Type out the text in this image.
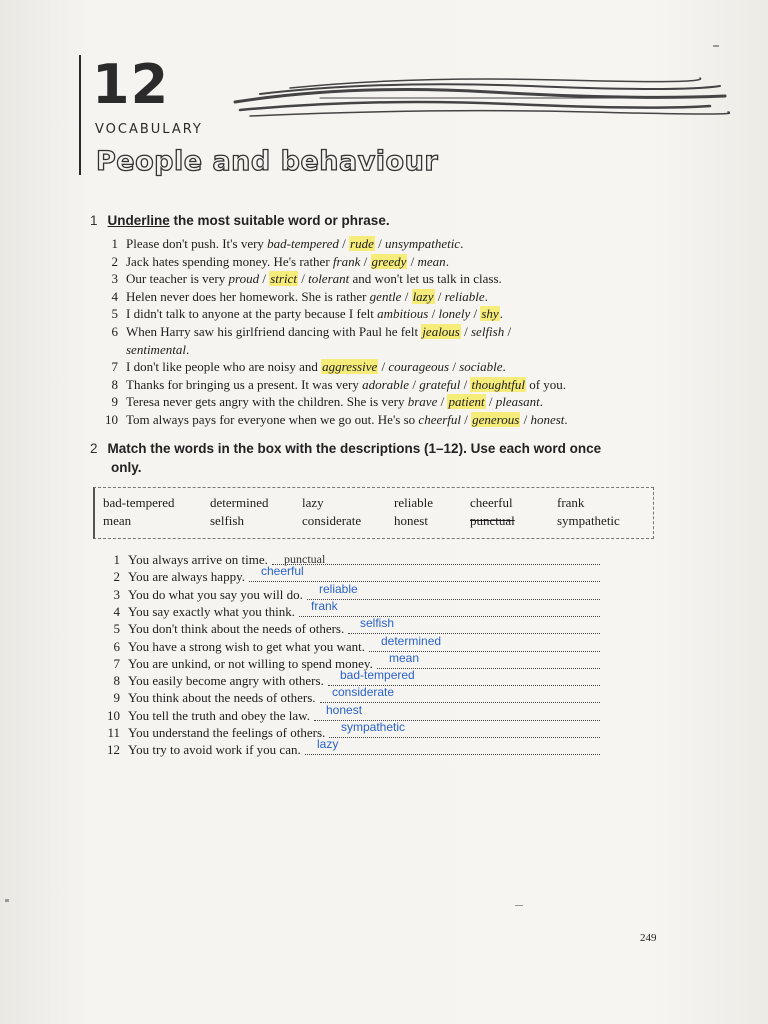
12
VOCABULARY
People and behaviour
1 Underline the most suitable word or phrase.
1 Please don't push. It's very bad-tempered / rude / unsympathetic.
2 Jack hates spending money. He's rather frank / greedy / mean.
3 Our teacher is very proud / strict / tolerant and won't let us talk in class.
4 Helen never does her homework. She is rather gentle / lazy / reliable.
5 I didn't talk to anyone at the party because I felt ambitious / lonely / shy.
6 When Harry saw his girlfriend dancing with Paul he felt jealous / selfish /
sentimental.
7 I don't like people who are noisy and aggressive / courageous / sociable.
8 Thanks for bringing us a present. It was very adorable / grateful / thoughtful of you.
9 Teresa never gets angry with the children. She is very brave / patient / pleasant.
10 Tom always pays for everyone when we go out. He's so cheerful / generous / honest.
2 Match the words in the box with the descriptions (1–12). Use each word once
only.
bad-tempered	determined	lazy	reliable	cheerful	frank
mean	selfish	considerate	honest	punctual	sympathetic
1 You always arrive on time. punctual
2 You are always happy. cheerful
3 You do what you say you will do. reliable
4 You say exactly what you think. frank
5 You don't think about the needs of others. selfish
6 You have a strong wish to get what you want. determined
7 You are unkind, or not willing to spend money. mean
8 You easily become angry with others. bad-tempered
9 You think about the needs of others. considerate
10 You tell the truth and obey the law. honest
11 You understand the feelings of others. sympathetic
12 You try to avoid work if you can. lazy
249
